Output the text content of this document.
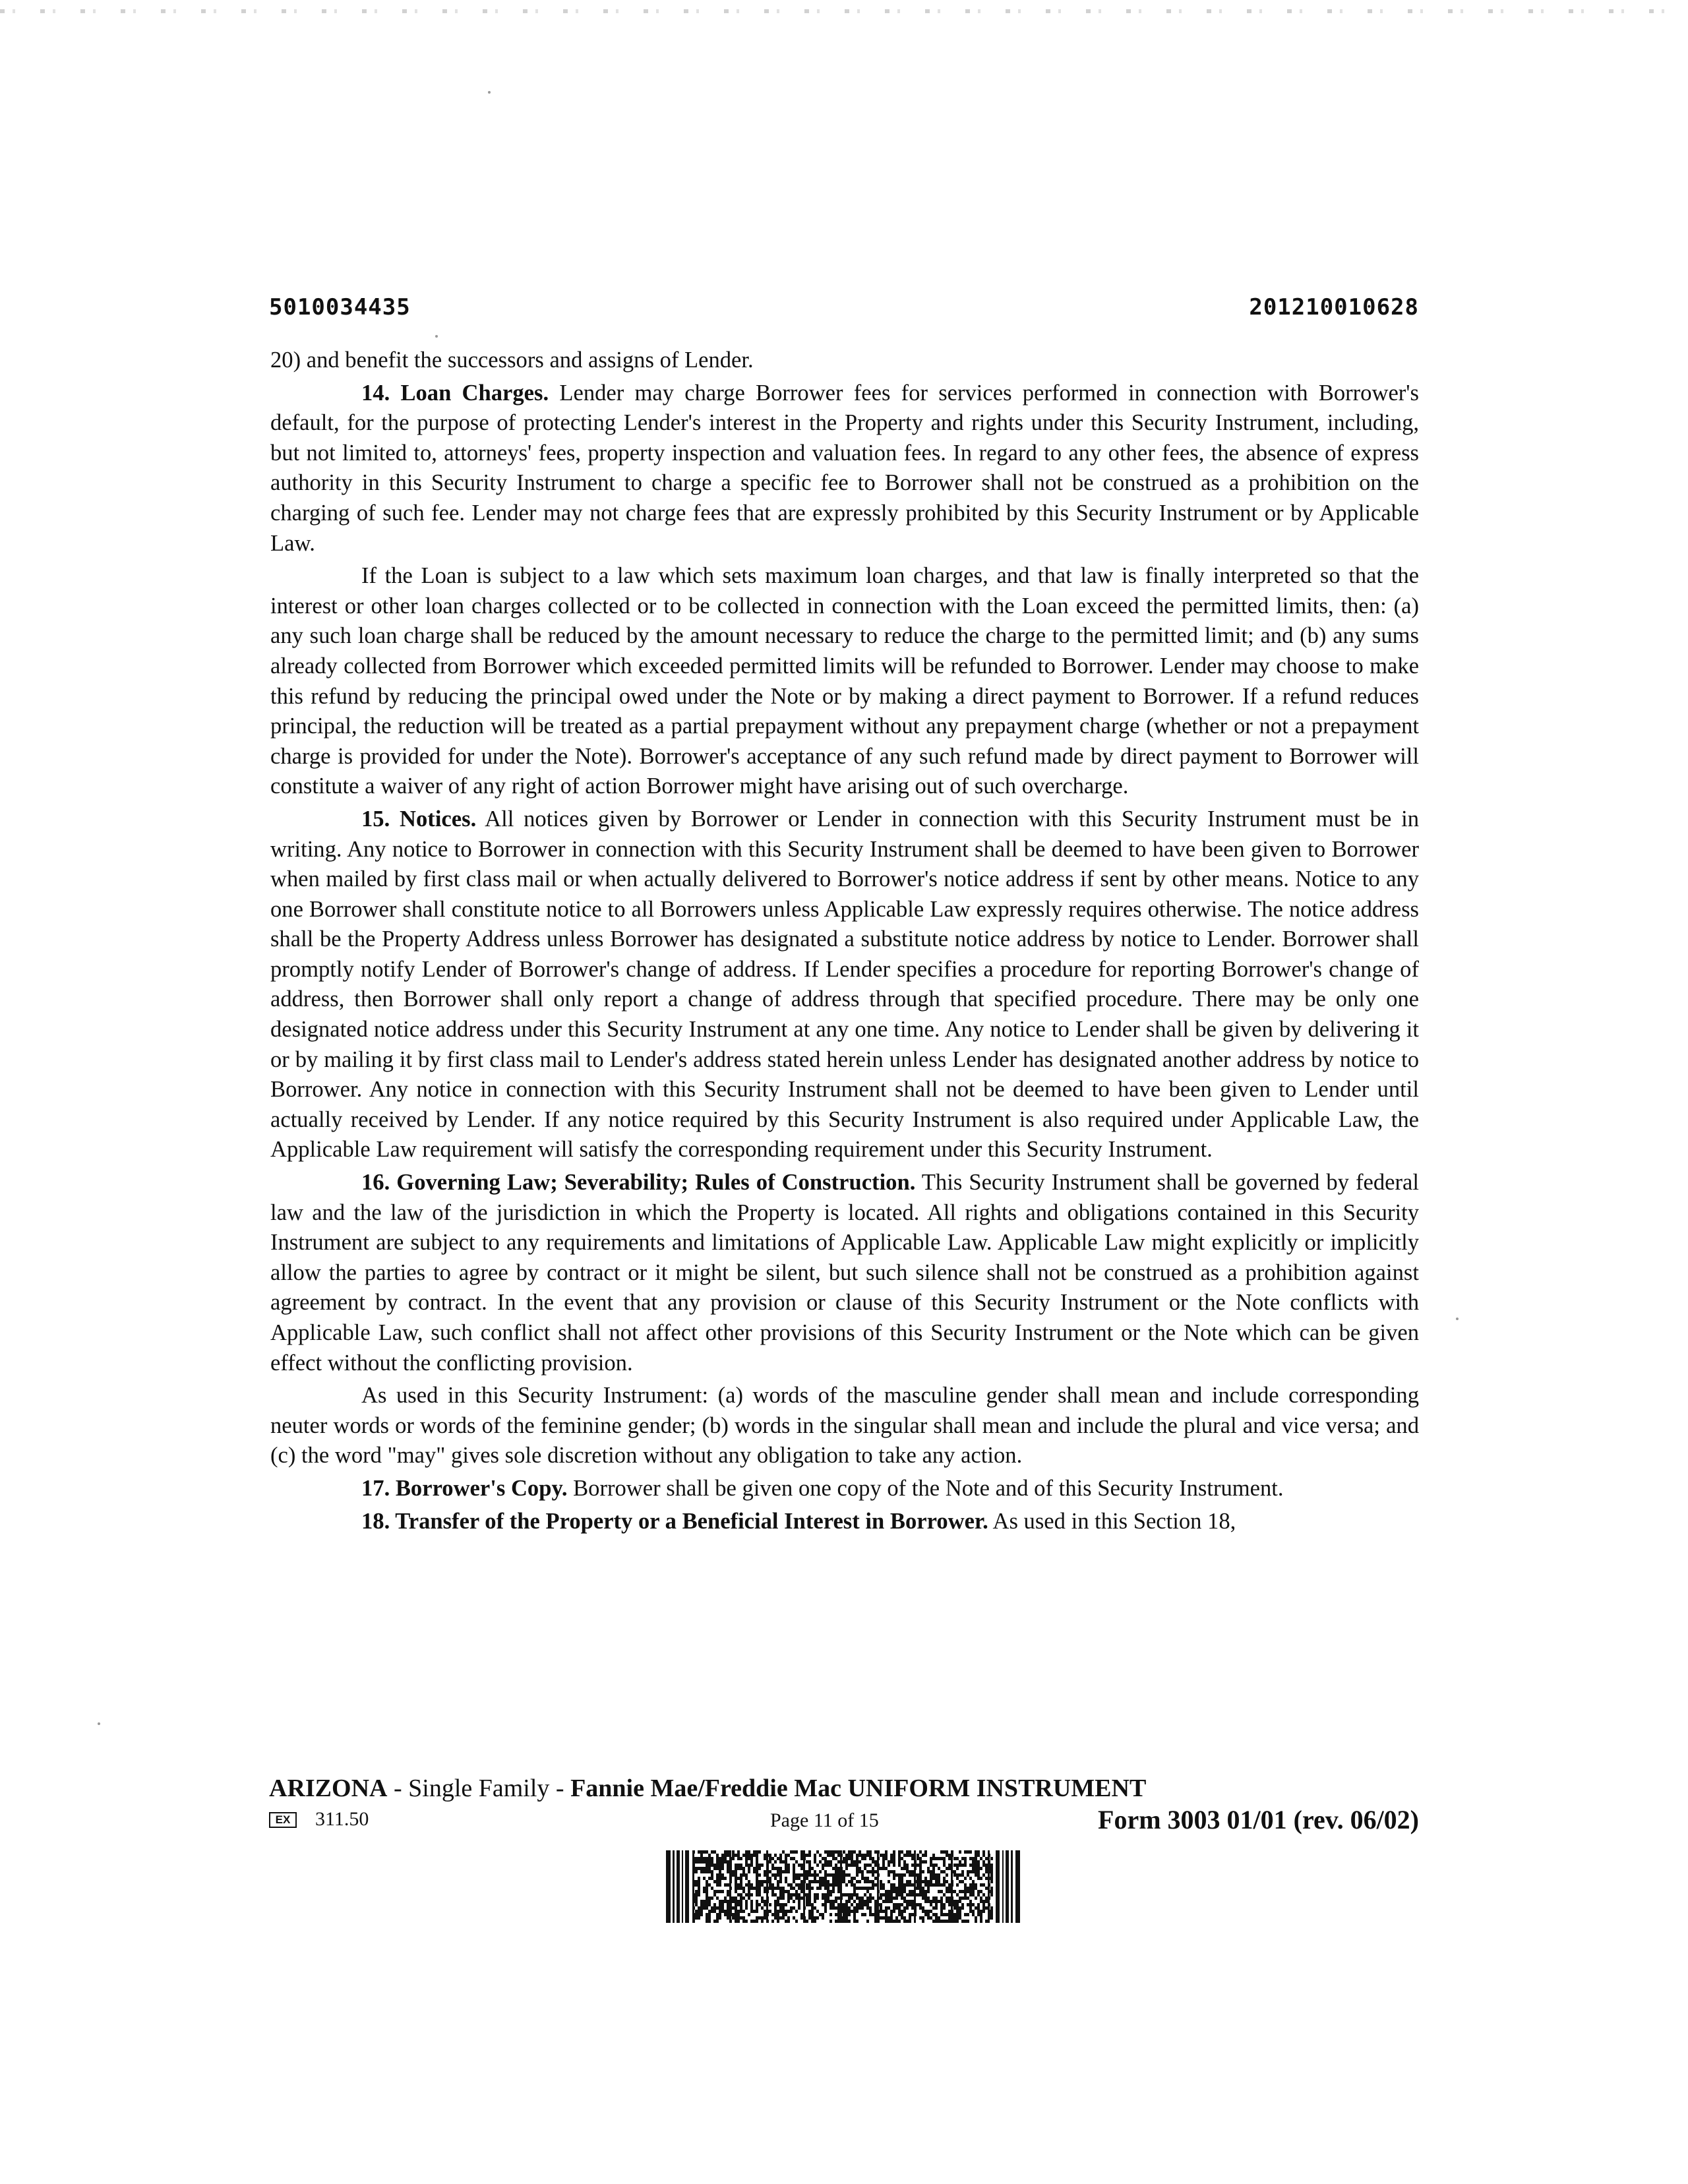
5010034435	201210010628

20) and benefit the successors and assigns of Lender.

14. Loan Charges. Lender may charge Borrower fees for services performed in connection with Borrower's default, for the purpose of protecting Lender's interest in the Property and rights under this Security Instrument, including, but not limited to, attorneys' fees, property inspection and valuation fees. In regard to any other fees, the absence of express authority in this Security Instrument to charge a specific fee to Borrower shall not be construed as a prohibition on the charging of such fee. Lender may not charge fees that are expressly prohibited by this Security Instrument or by Applicable Law.

If the Loan is subject to a law which sets maximum loan charges, and that law is finally interpreted so that the interest or other loan charges collected or to be collected in connection with the Loan exceed the permitted limits, then: (a) any such loan charge shall be reduced by the amount necessary to reduce the charge to the permitted limit; and (b) any sums already collected from Borrower which exceeded permitted limits will be refunded to Borrower. Lender may choose to make this refund by reducing the principal owed under the Note or by making a direct payment to Borrower. If a refund reduces principal, the reduction will be treated as a partial prepayment without any prepayment charge (whether or not a prepayment charge is provided for under the Note). Borrower's acceptance of any such refund made by direct payment to Borrower will constitute a waiver of any right of action Borrower might have arising out of such overcharge.

15. Notices. All notices given by Borrower or Lender in connection with this Security Instrument must be in writing. Any notice to Borrower in connection with this Security Instrument shall be deemed to have been given to Borrower when mailed by first class mail or when actually delivered to Borrower's notice address if sent by other means. Notice to any one Borrower shall constitute notice to all Borrowers unless Applicable Law expressly requires otherwise. The notice address shall be the Property Address unless Borrower has designated a substitute notice address by notice to Lender. Borrower shall promptly notify Lender of Borrower's change of address. If Lender specifies a procedure for reporting Borrower's change of address, then Borrower shall only report a change of address through that specified procedure. There may be only one designated notice address under this Security Instrument at any one time. Any notice to Lender shall be given by delivering it or by mailing it by first class mail to Lender's address stated herein unless Lender has designated another address by notice to Borrower. Any notice in connection with this Security Instrument shall not be deemed to have been given to Lender until actually received by Lender. If any notice required by this Security Instrument is also required under Applicable Law, the Applicable Law requirement will satisfy the corresponding requirement under this Security Instrument.

16. Governing Law; Severability; Rules of Construction. This Security Instrument shall be governed by federal law and the law of the jurisdiction in which the Property is located. All rights and obligations contained in this Security Instrument are subject to any requirements and limitations of Applicable Law. Applicable Law might explicitly or implicitly allow the parties to agree by contract or it might be silent, but such silence shall not be construed as a prohibition against agreement by contract. In the event that any provision or clause of this Security Instrument or the Note conflicts with Applicable Law, such conflict shall not affect other provisions of this Security Instrument or the Note which can be given effect without the conflicting provision.

As used in this Security Instrument: (a) words of the masculine gender shall mean and include corresponding neuter words or words of the feminine gender; (b) words in the singular shall mean and include the plural and vice versa; and (c) the word "may" gives sole discretion without any obligation to take any action.

17. Borrower's Copy. Borrower shall be given one copy of the Note and of this Security Instrument.

18. Transfer of the Property or a Beneficial Interest in Borrower. As used in this Section 18,

ARIZONA - Single Family - Fannie Mae/Freddie Mac UNIFORM INSTRUMENT
EX	311.50	Page 11 of 15	Form 3003 01/01 (rev. 06/02)
